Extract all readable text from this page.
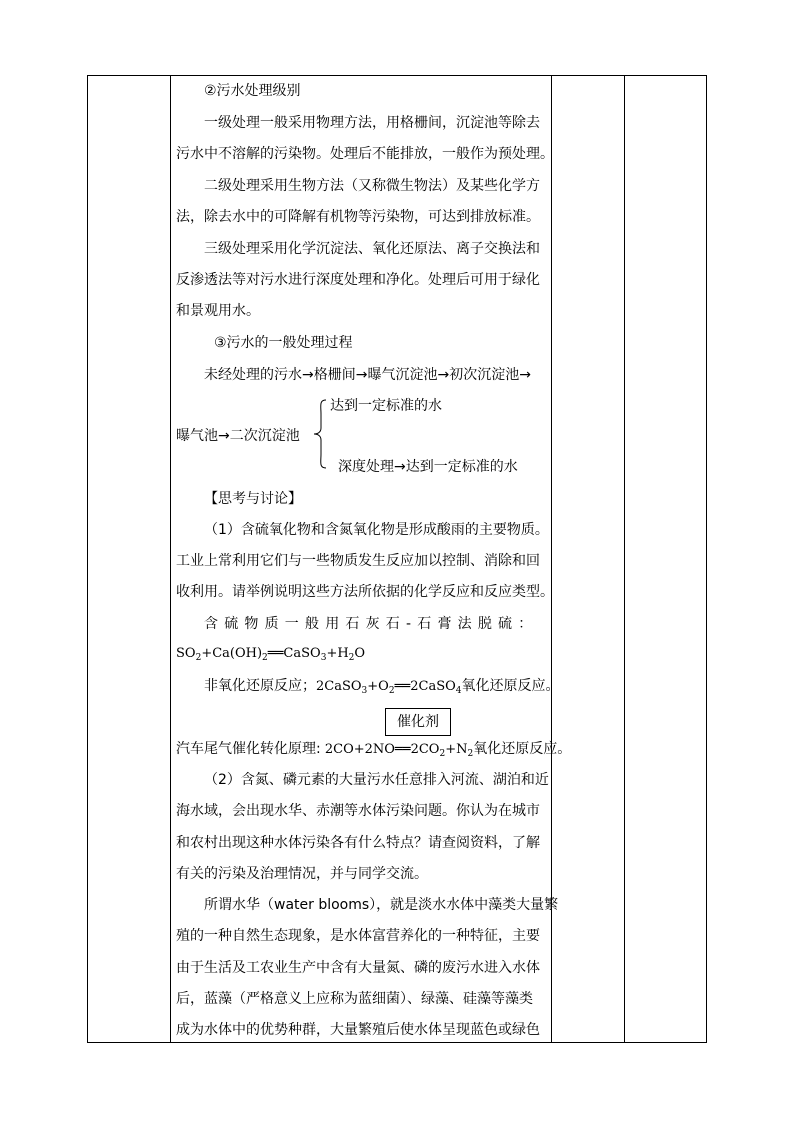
②污水处理级别
一级处理一般采用物理方法，用格栅间，沉淀池等除去
污水中不溶解的污染物。处理后不能排放，一般作为预处理。
二级处理采用生物方法（又称微生物法）及某些化学方
法，除去水中的可降解有机物等污染物，可达到排放标准。
三级处理采用化学沉淀法、氧化还原法、离子交换法和
反渗透法等对污水进行深度处理和净化。处理后可用于绿化
和景观用水。
③污水的一般处理过程
未经处理的污水→格栅间→曝气沉淀池→初次沉淀池→
达到一定标准的水
曝气池→二次沉淀池
深度处理→达到一定标准的水
【思考与讨论】
（1）含硫氧化物和含氮氧化物是形成酸雨的主要物质。
工业上常利用它们与一些物质发生反应加以控制、消除和回
收利用。请举例说明这些方法所依据的化学反应和反应类型。
含硫物质一般用石灰石-石膏法脱硫：
$SO_2+Ca(OH)_2══CaSO_3+H_2O$
非氧化还原反应；$2CaSO_3+O_2══2CaSO_4$氧化还原反应。
催化剂
汽车尾气催化转化原理: $2CO+2NO══2CO_2+N_2$氧化还原反应。
（2）含氮、磷元素的大量污水任意排入河流、湖泊和近
海水域，会出现水华、赤潮等水体污染问题。你认为在城市
和农村出现这种水体污染各有什么特点？请查阅资料，了解
有关的污染及治理情况，并与同学交流。
所谓水华（water blooms），就是淡水水体中藻类大量繁
殖的一种自然生态现象，是水体富营养化的一种特征，主要
由于生活及工农业生产中含有大量氮、磷的废污水进入水体
后，蓝藻（严格意义上应称为蓝细菌）、绿藻、硅藻等藻类
成为水体中的优势种群，大量繁殖后使水体呈现蓝色或绿色
